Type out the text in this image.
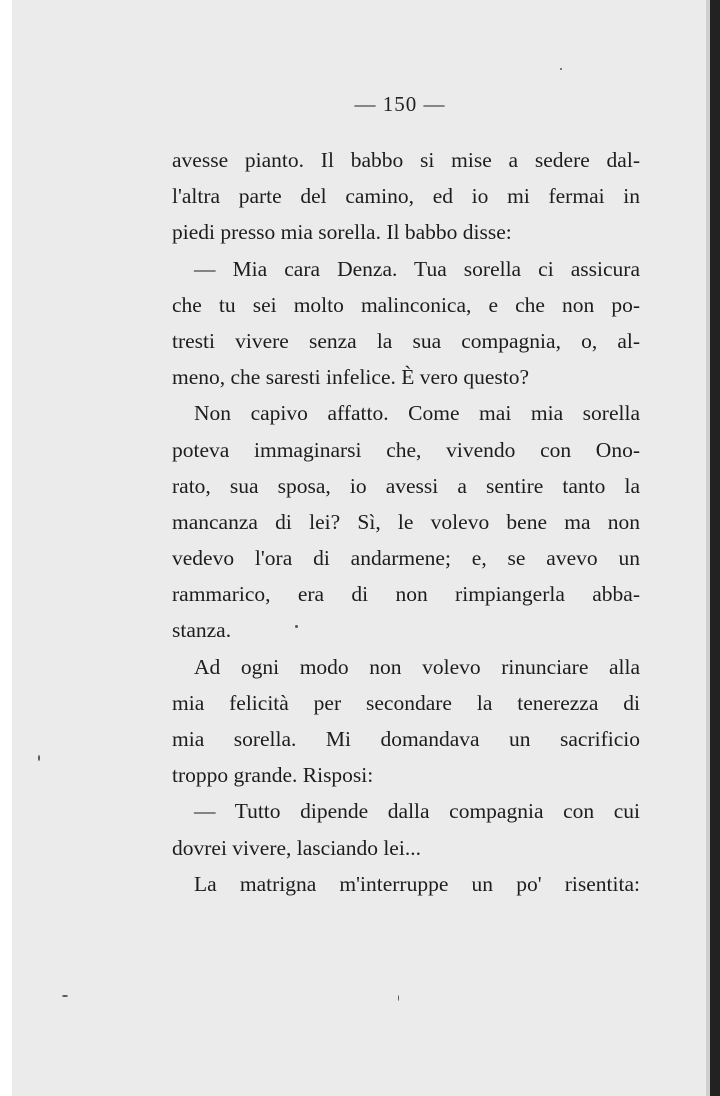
— 150 —
avesse pianto. Il babbo si mise a sedere dal-
l'altra parte del camino, ed io mi fermai in
piedi presso mia sorella. Il babbo disse:
— Mia cara Denza. Tua sorella ci assicura
che tu sei molto malinconica, e che non po-
tresti vivere senza la sua compagnia, o, al-
meno, che saresti infelice. È vero questo?
Non capivo affatto. Come mai mia sorella
poteva immaginarsi che, vivendo con Ono-
rato, sua sposa, io avessi a sentire tanto la
mancanza di lei? Sì, le volevo bene ma non
vedevo l'ora di andarmene; e, se avevo un
rammarico, era di non rimpiangerla abba-
stanza.
Ad ogni modo non volevo rinunciare alla
mia felicità per secondare la tenerezza di
mia sorella. Mi domandava un sacrificio
troppo grande. Risposi:
— Tutto dipende dalla compagnia con cui
dovrei vivere, lasciando lei...
La matrigna m'interruppe un po' risentita:
